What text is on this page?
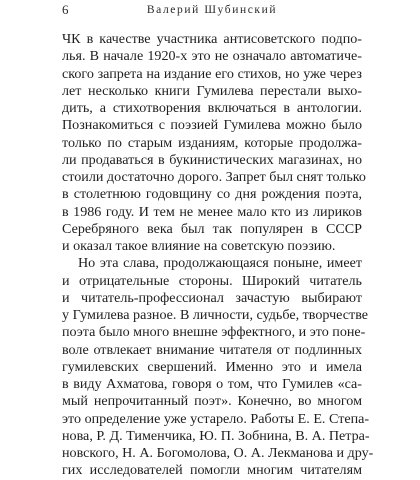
6	Валерий Шубинский

ЧК в качестве участника антисоветского подпо-
лья. В начале 1920-х это не означало автоматиче-
ского запрета на издание его стихов, но уже через
лет несколько книги Гумилева перестали выхо-
дить, а стихотворения включаться в антологии.
Познакомиться с поэзией Гумилева можно было
только по старым изданиям, которые продолжа-
ли продаваться в букинистических магазинах, но
стоили достаточно дорого. Запрет был снят только
в столетнюю годовщину со дня рождения поэта,
в 1986 году. И тем не менее мало кто из лириков
Серебряного века был так популярен в СССР
и оказал такое влияние на советскую поэзию.

Но эта слава, продолжающаяся поныне, имеет
и отрицательные стороны. Широкий читатель
и читатель-профессионал зачастую выбирают
у Гумилева разное. В личности, судьбе, творчестве
поэта было много внешне эффектного, и это поне-
воле отвлекает внимание читателя от подлинных
гумилевских свершений. Именно это и имела
в виду Ахматова, говоря о том, что Гумилев «са-
мый непрочитанный поэт». Конечно, во многом
это определение уже устарело. Работы Е. Е. Степа-
нова, Р. Д. Тименчика, Ю. П. Зобнина, В. А. Петра-
новского, Н. А. Богомолова, О. А. Лекманова и дру-
гих исследователей помогли многим читателям
